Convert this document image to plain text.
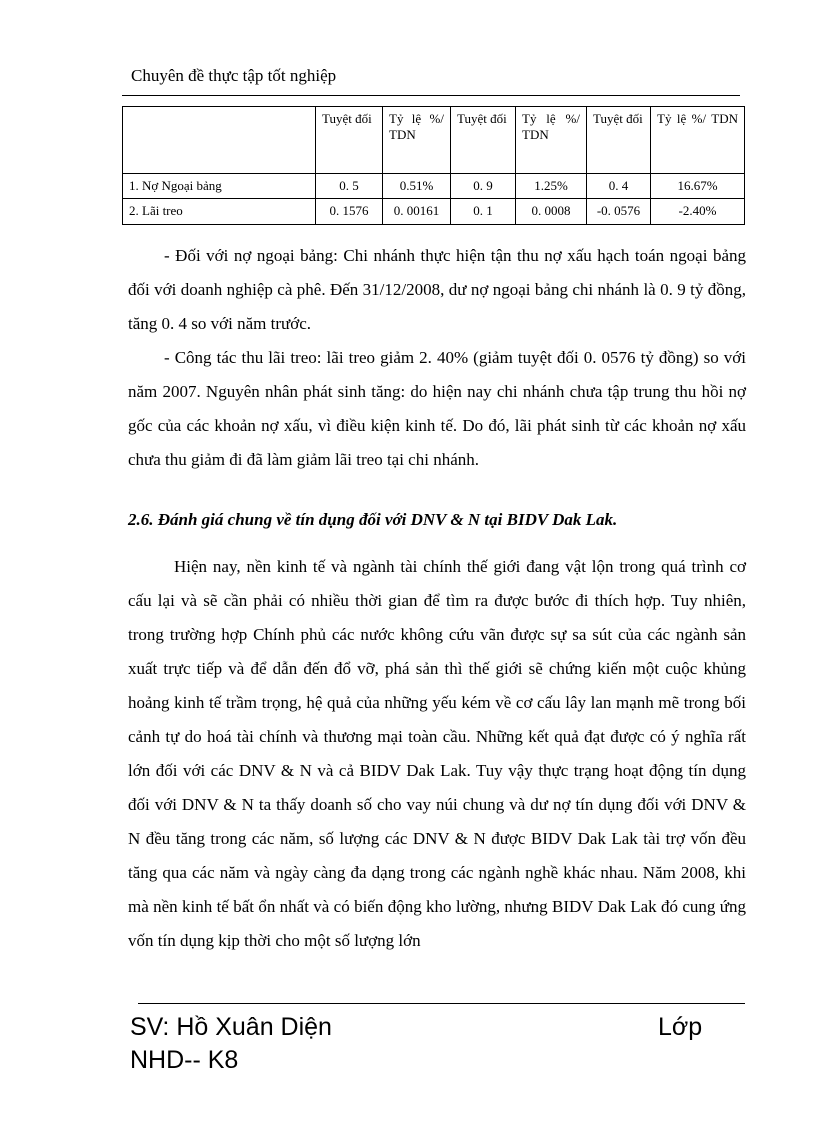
Chuyên đề thực tập tốt nghiệp
	Tuyệt đối	Tỷ lệ %/ TDN	Tuyệt đối	Tỷ lệ %/ TDN	Tuyệt đối	Tỷ lệ %/ TDN
1. Nợ Ngoại bảng	0. 5	0.51%	0. 9	1.25%	0. 4	16.67%
2. Lãi treo	0. 1576	0. 00161	0. 1	0. 0008	-0. 0576	-2.40%

- Đối với nợ ngoại bảng: Chi nhánh thực hiện tận thu nợ xấu hạch toán ngoại bảng đối với doanh nghiệp cà phê. Đến 31/12/2008, dư nợ ngoại bảng chi nhánh là 0. 9 tỷ đồng, tăng 0. 4 so với năm trước.

- Công tác thu lãi treo: lãi treo giảm 2. 40% (giảm tuyệt đối 0. 0576 tỷ đồng) so với năm 2007. Nguyên nhân phát sinh tăng: do hiện nay chi nhánh chưa tập trung thu hồi nợ gốc của các khoản nợ xấu, vì điều kiện kinh tế. Do đó, lãi phát sinh từ các khoản nợ xấu chưa thu giảm đi đã làm giảm lãi treo tại chi nhánh.

2.6. Đánh giá chung về tín dụng đối với DNV & N tại BIDV Dak Lak.

Hiện nay, nền kinh tế và ngành tài chính thế giới đang vật lộn trong quá trình cơ cấu lại và sẽ cần phải có nhiều thời gian để tìm ra được bước đi thích hợp. Tuy nhiên, trong trường hợp Chính phủ các nước không cứu vãn được sự sa sút của các ngành sản xuất trực tiếp và để dẫn đến đổ vỡ, phá sản thì thế giới sẽ chứng kiến một cuộc khủng hoảng kinh tế trầm trọng, hệ quả của những yếu kém về cơ cấu lây lan mạnh mẽ trong bối cảnh tự do hoá tài chính và thương mại toàn cầu. Những kết quả đạt được có ý nghĩa rất lớn đối với các DNV & N và cả BIDV Dak Lak. Tuy vậy thực trạng hoạt động tín dụng đối với DNV & N ta thấy doanh số cho vay núi chung và dư nợ tín dụng đối với DNV & N đều tăng trong các năm, số lượng các DNV & N được BIDV Dak Lak tài trợ vốn đều tăng qua các năm và ngày càng đa dạng trong các ngành nghề khác nhau. Năm 2008, khi mà nền kinh tế bất ổn nhất và có biến động kho lường, nhưng BIDV Dak Lak đó cung ứng vốn tín dụng kịp thời cho một số lượng lớn

SV: Hồ Xuân Diện
NHD-- K8
Lớp
